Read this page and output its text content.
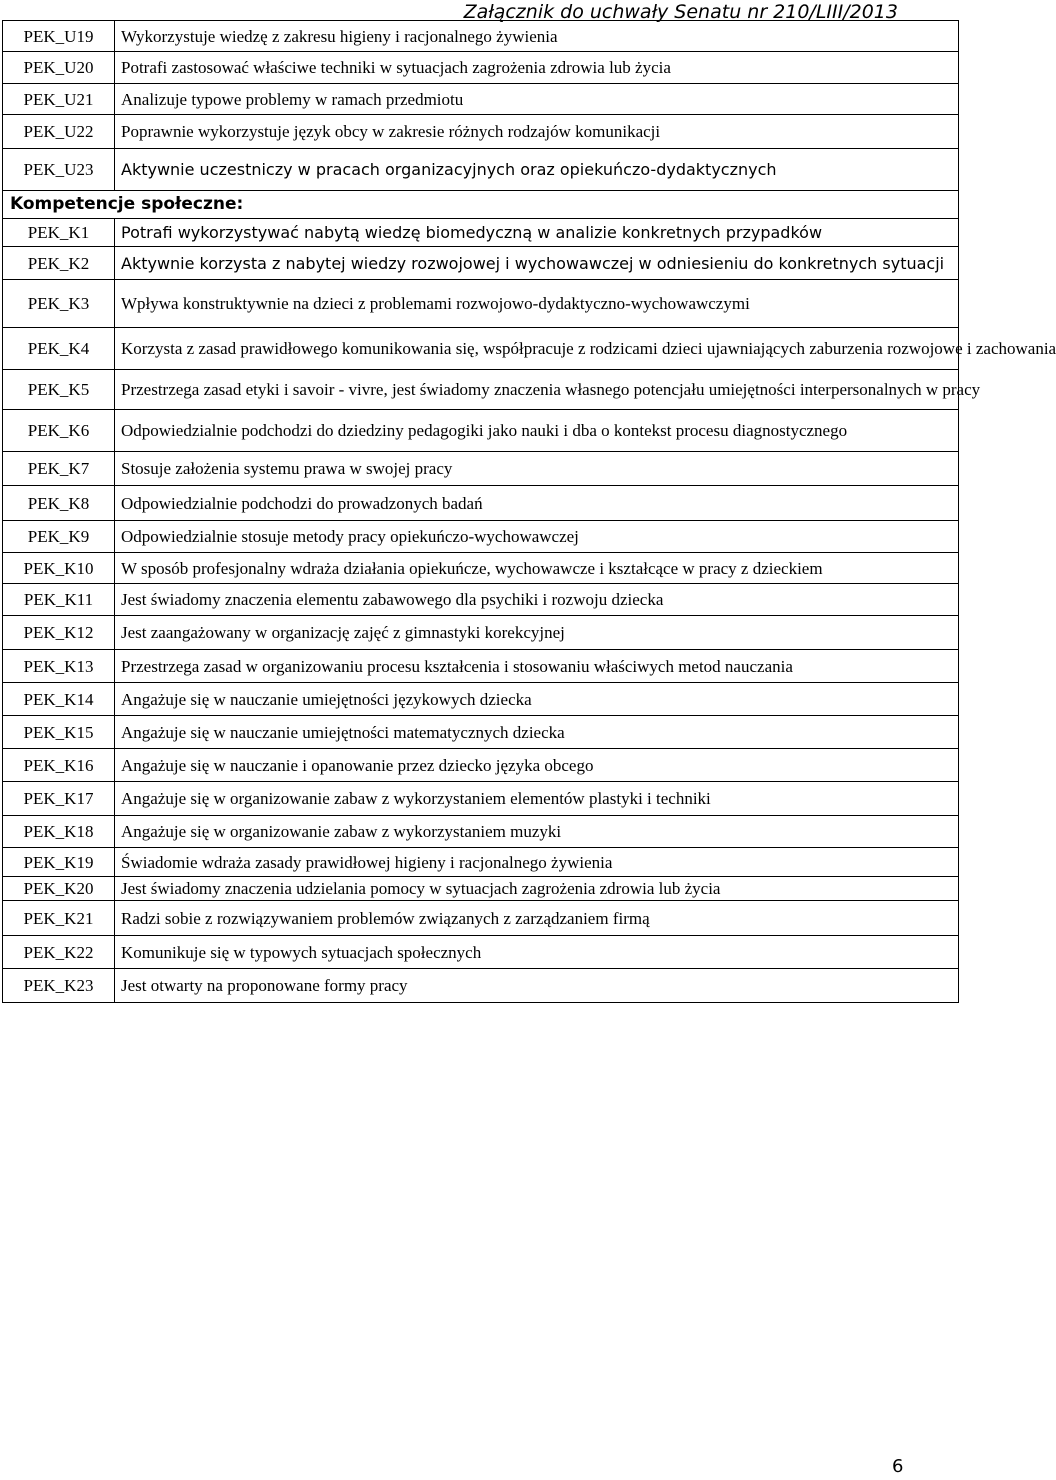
Załącznik do uchwały Senatu nr 210/LIII/2013
PEK_U19	Wykorzystuje wiedzę z zakresu higieny i racjonalnego żywienia
PEK_U20	Potrafi zastosować właściwe techniki w sytuacjach zagrożenia zdrowia lub życia
PEK_U21	Analizuje typowe problemy w ramach przedmiotu
PEK_U22	Poprawnie wykorzystuje język obcy w zakresie różnych rodzajów komunikacji
PEK_U23	Aktywnie uczestniczy w pracach organizacyjnych oraz opiekuńczo-dydaktycznych
Kompetencje społeczne:	
PEK_K1	Potrafi wykorzystywać nabytą wiedzę biomedyczną w analizie konkretnych przypadków
PEK_K2	Aktywnie korzysta z nabytej wiedzy rozwojowej i wychowawczej w odniesieniu do konkretnych sytuacji
PEK_K3	Wpływa konstruktywnie na dzieci z problemami rozwojowo-dydaktyczno-wychowawczymi
PEK_K4	Korzysta z zasad prawidłowego komunikowania się, współpracuje z rodzicami dzieci ujawniających zaburzenia rozwojowe i zachowania
PEK_K5	Przestrzega zasad etyki i savoir - vivre, jest świadomy znaczenia własnego potencjału umiejętności interpersonalnych w pracy
PEK_K6	Odpowiedzialnie podchodzi do dziedziny pedagogiki jako nauki i dba o kontekst procesu diagnostycznego
PEK_K7	Stosuje założenia systemu prawa w swojej pracy
PEK_K8	Odpowiedzialnie podchodzi do prowadzonych badań
PEK_K9	Odpowiedzialnie stosuje metody pracy opiekuńczo-wychowawczej
PEK_K10	W sposób profesjonalny wdraża działania opiekuńcze, wychowawcze i kształcące w pracy z dzieckiem
PEK_K11	Jest świadomy znaczenia elementu zabawowego dla psychiki i rozwoju dziecka
PEK_K12	Jest zaangażowany w organizację zajęć z gimnastyki korekcyjnej
PEK_K13	Przestrzega zasad w organizowaniu procesu kształcenia i stosowaniu właściwych metod nauczania
PEK_K14	Angażuje się w nauczanie umiejętności językowych dziecka
PEK_K15	Angażuje się w nauczanie umiejętności matematycznych dziecka
PEK_K16	Angażuje się w nauczanie i opanowanie przez dziecko języka obcego
PEK_K17	Angażuje się w organizowanie zabaw z wykorzystaniem elementów plastyki i techniki
PEK_K18	Angażuje się w organizowanie zabaw z wykorzystaniem muzyki
PEK_K19	Świadomie wdraża zasady prawidłowej higieny i racjonalnego żywienia
PEK_K20	Jest świadomy znaczenia udzielania pomocy w sytuacjach zagrożenia zdrowia lub życia
PEK_K21	Radzi sobie z rozwiązywaniem problemów związanych z zarządzaniem firmą
PEK_K22	Komunikuje się w typowych sytuacjach społecznych
PEK_K23	Jest otwarty na proponowane formy pracy
6
